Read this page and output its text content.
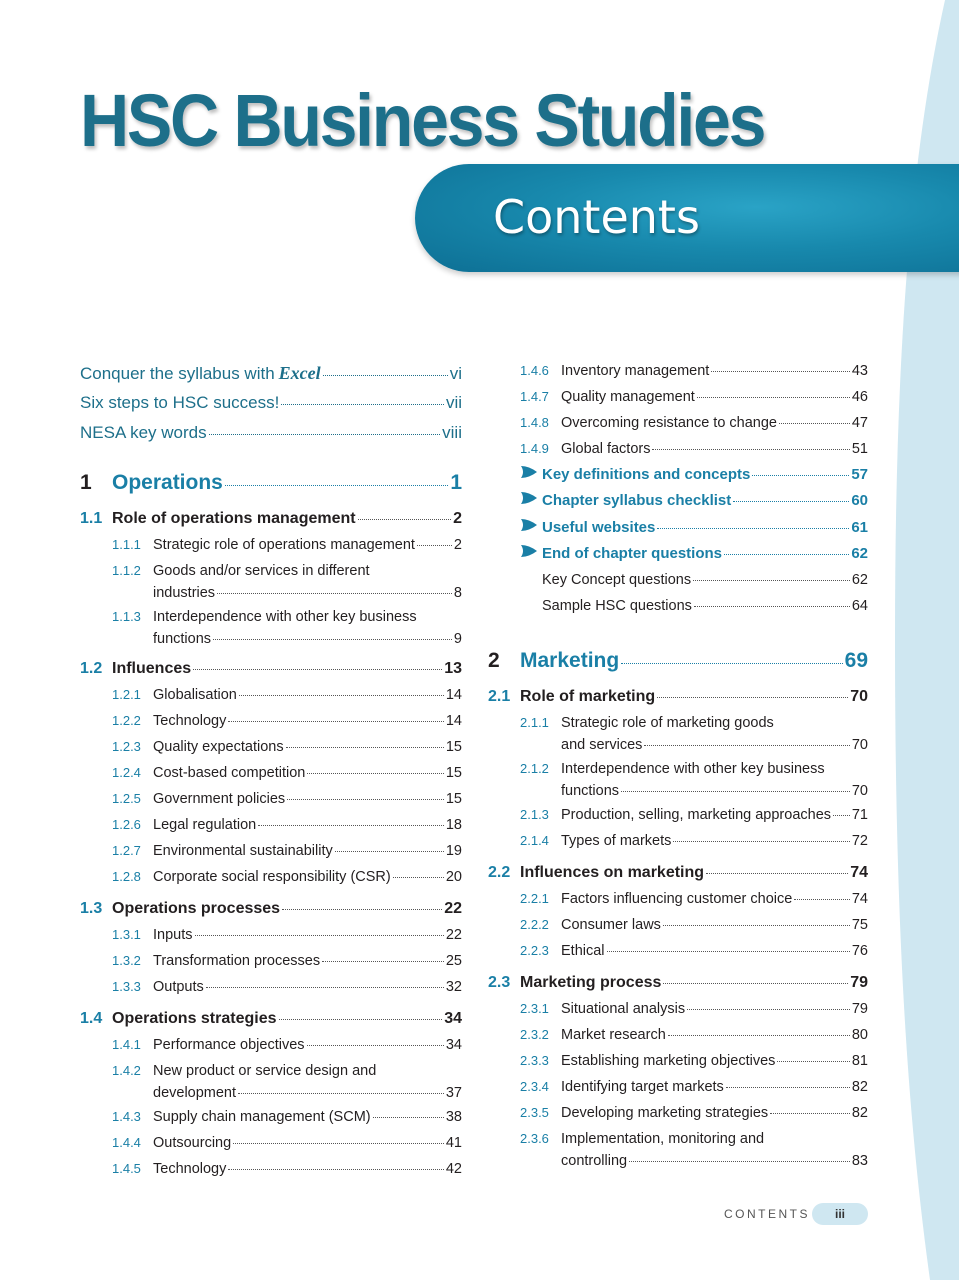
HSC Business Studies
Contents
Conquer the syllabus with Excel	vi
Six steps to HSC success!	vii
NESA key words	viii
1 Operations	1
1.1 Role of operations management	2
1.1.1 Strategic role of operations management	2
1.1.2 Goods and/or services in different
industries	8
1.1.3 Interdependence with other key business
functions	9
1.2 Influences	13
1.2.1 Globalisation	14
1.2.2 Technology	14
1.2.3 Quality expectations	15
1.2.4 Cost-based competition	15
1.2.5 Government policies	15
1.2.6 Legal regulation	18
1.2.7 Environmental sustainability	19
1.2.8 Corporate social responsibility (CSR)	20
1.3 Operations processes	22
1.3.1 Inputs	22
1.3.2 Transformation processes	25
1.3.3 Outputs	32
1.4 Operations strategies	34
1.4.1 Performance objectives	34
1.4.2 New product or service design and
development	37
1.4.3 Supply chain management (SCM)	38
1.4.4 Outsourcing	41
1.4.5 Technology	42
1.4.6 Inventory management	43
1.4.7 Quality management	46
1.4.8 Overcoming resistance to change	47
1.4.9 Global factors	51
Key definitions and concepts	57
Chapter syllabus checklist	60
Useful websites	61
End of chapter questions	62
Key Concept questions	62
Sample HSC questions	64
2 Marketing	69
2.1 Role of marketing	70
2.1.1 Strategic role of marketing goods
and services	70
2.1.2 Interdependence with other key business
functions	70
2.1.3 Production, selling, marketing approaches 71
2.1.4 Types of markets	72
2.2 Influences on marketing	74
2.2.1 Factors influencing customer choice	74
2.2.2 Consumer laws	75
2.2.3 Ethical	76
2.3 Marketing process	79
2.3.1 Situational analysis	79
2.3.2 Market research	80
2.3.3 Establishing marketing objectives	81
2.3.4 Identifying target markets	82
2.3.5 Developing marketing strategies	82
2.3.6 Implementation, monitoring and
controlling	83
CONTENTS	iii
